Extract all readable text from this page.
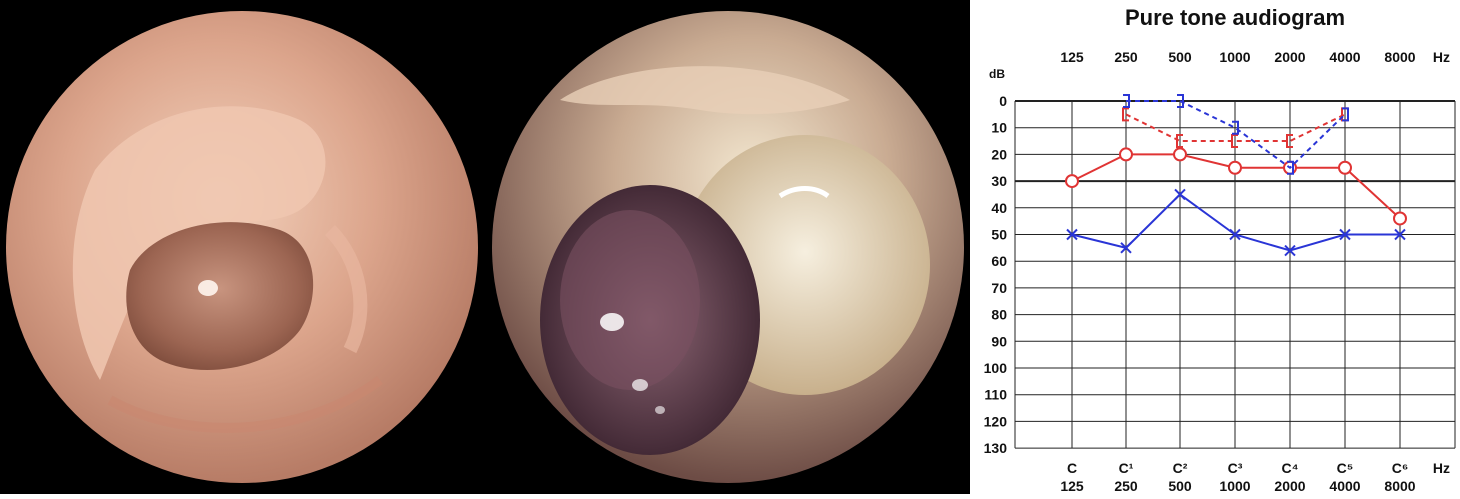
Pure tone audiogram
Hz
dB
Hz
0
10
20
30
40
50
60
70
80
90
100
110
120
130
125 250 500 1000 2000 4000 8000
C	C¹	C²	C³	C⁴	C⁵	C⁶
125 250 500 1000 2000 4000 8000
